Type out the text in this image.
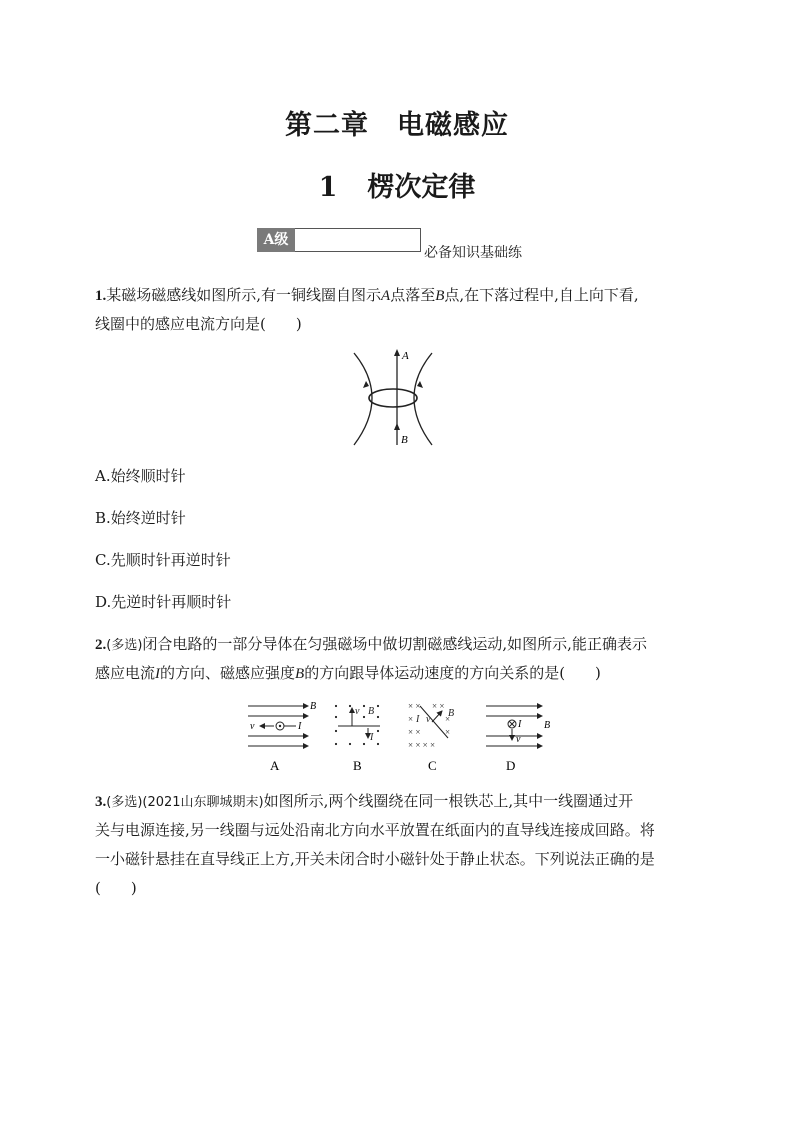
第二章　电磁感应
1 楞次定律
A级
必备知识基础练
1.某磁场磁感线如图所示,有一铜线圈自图示A点落至B点,在下落过程中,自上向下看,
线圈中的感应电流方向是(　　)
A
B
A.始终顺时针
B.始终逆时针
C.先顺时针再逆时针
D.先逆时针再顺时针
2.(多选)闭合电路的一部分导体在匀强磁场中做切割磁感线运动,如图所示,能正确表示
感应电流I的方向、磁感应强度B的方向跟导体运动速度的方向关系的是(　　)
v	I
B	v B
I
× × × ×
×	×
× ×	×
× × × ×
v
B
I	I
v
B
A	B	C	D
3.(多选)(2021山东聊城期末)如图所示,两个线圈绕在同一根铁芯上,其中一线圈通过开
关与电源连接,另一线圈与远处沿南北方向水平放置在纸面内的直导线连接成回路。将
一小磁针悬挂在直导线正上方,开关未闭合时小磁针处于静止状态。下列说法正确的是
(　　)
